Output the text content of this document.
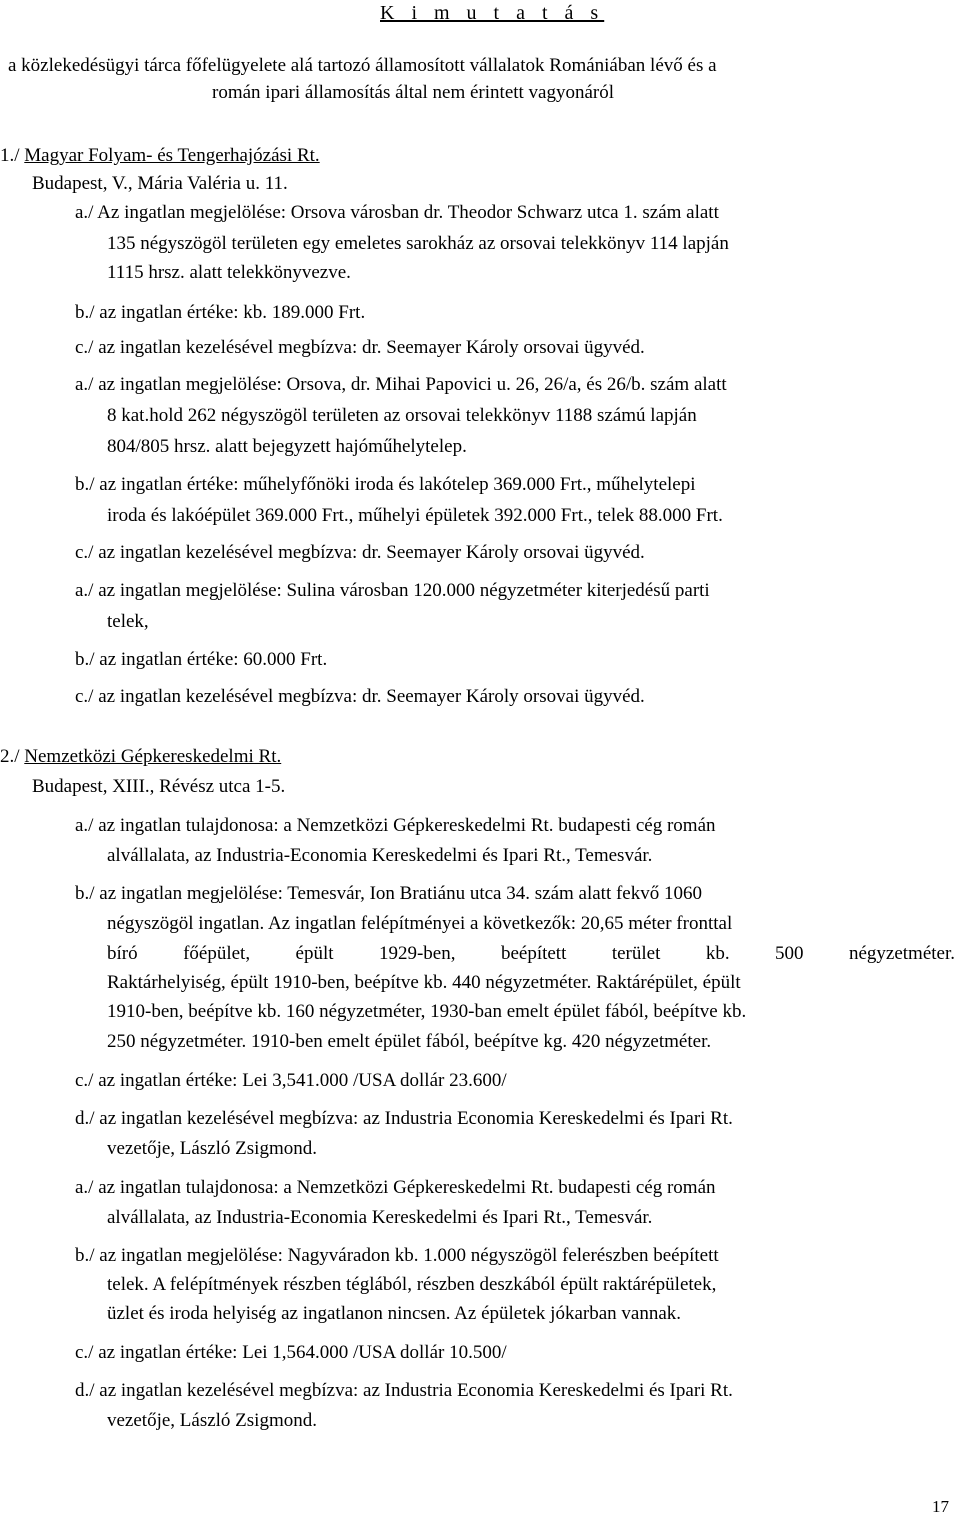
K i m u t a t á s
a közlekedésügyi tárca főfelügyelete alá tartozó államosított vállalatok Romániában lévő és a
román ipari államosítás által nem érintett vagyonáról
1./ Magyar Folyam- és Tengerhajózási Rt.
Budapest, V., Mária Valéria u. 11.
a./ Az ingatlan megjelölése: Orsova városban dr. Theodor Schwarz utca 1. szám alatt
135 négyszögöl területen egy emeletes sarokház az orsovai telekkönyv 114 lapján
1115 hrsz. alatt telekkönyvezve.
b./ az ingatlan értéke: kb. 189.000 Frt.
c./ az ingatlan kezelésével megbízva: dr. Seemayer Károly orsovai ügyvéd.
a./ az ingatlan megjelölése: Orsova, dr. Mihai Papovici u. 26, 26/a, és 26/b. szám alatt
8 kat.hold 262 négyszögöl területen az orsovai telekkönyv 1188 számú lapján
804/805 hrsz. alatt bejegyzett hajóműhelytelep.
b./ az ingatlan értéke: műhelyfőnöki iroda és lakótelep 369.000 Frt., műhelytelepi
iroda és lakóépület 369.000 Frt., műhelyi épületek 392.000 Frt., telek 88.000 Frt.
c./ az ingatlan kezelésével megbízva: dr. Seemayer Károly orsovai ügyvéd.
a./ az ingatlan megjelölése: Sulina városban 120.000 négyzetméter kiterjedésű parti
telek,
b./ az ingatlan értéke: 60.000 Frt.
c./ az ingatlan kezelésével megbízva: dr. Seemayer Károly orsovai ügyvéd.
2./ Nemzetközi Gépkereskedelmi Rt.
Budapest, XIII., Révész utca 1-5.
a./ az ingatlan tulajdonosa: a Nemzetközi Gépkereskedelmi Rt. budapesti cég román
alvállalata, az Industria-Economia Kereskedelmi és Ipari Rt., Temesvár.
b./ az ingatlan megjelölése: Temesvár, Ion Bratiánu utca 34. szám alatt fekvő 1060
négyszögöl ingatlan. Az ingatlan felépítményei a következők: 20,65 méter fronttal
bíró főépület, épült 1929-ben, beépített terület kb. 500 négyzetméter.
Raktárhelyiség, épült 1910-ben, beépítve kb. 440 négyzetméter. Raktárépület, épült
1910-ben, beépítve kb. 160 négyzetméter, 1930-ban emelt épület fából, beépítve kb.
250 négyzetméter. 1910-ben emelt épület fából, beépítve kg. 420 négyzetméter.
c./ az ingatlan értéke: Lei 3,541.000 /USA dollár 23.600/
d./ az ingatlan kezelésével megbízva: az Industria Economia Kereskedelmi és Ipari Rt.
vezetője, László Zsigmond.
a./ az ingatlan tulajdonosa: a Nemzetközi Gépkereskedelmi Rt. budapesti cég román
alvállalata, az Industria-Economia Kereskedelmi és Ipari Rt., Temesvár.
b./ az ingatlan megjelölése: Nagyváradon kb. 1.000 négyszögöl felerészben beépített
telek. A felépítmények részben téglából, részben deszkából épült raktárépületek,
üzlet és iroda helyiség az ingatlanon nincsen. Az épületek jókarban vannak.
c./ az ingatlan értéke: Lei 1,564.000 /USA dollár 10.500/
d./ az ingatlan kezelésével megbízva: az Industria Economia Kereskedelmi és Ipari Rt.
vezetője, László Zsigmond.
17
